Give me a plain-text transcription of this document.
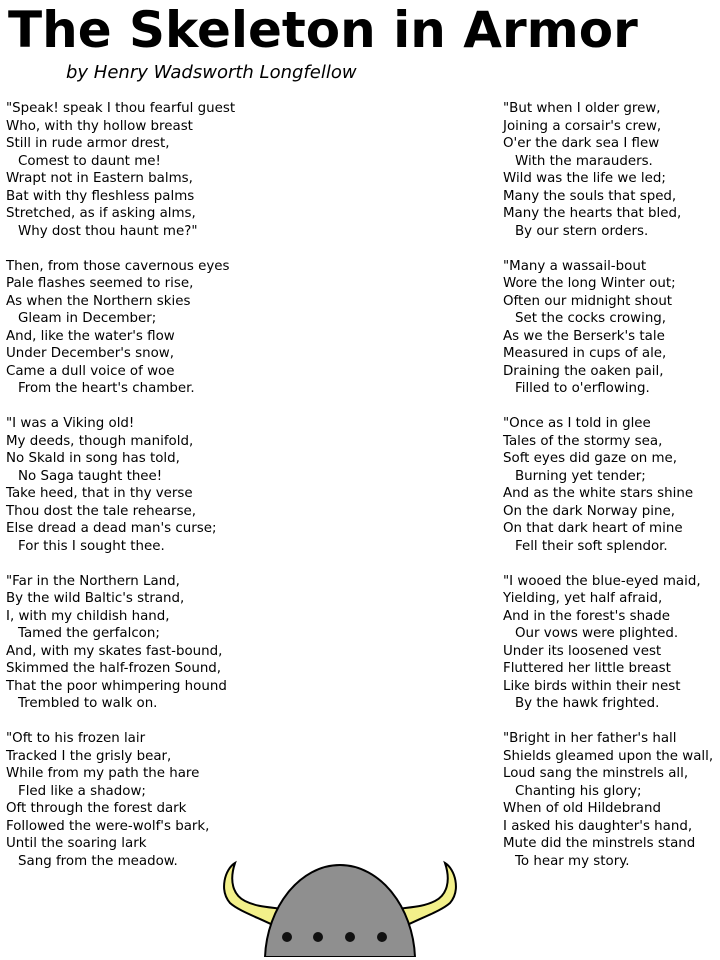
The Skeleton in Armor
by Henry Wadsworth Longfellow
"Speak! speak I thou fearful guest
Who, with thy hollow breast
Still in rude armor drest,
Comest to daunt me!
Wrapt not in Eastern balms,
Bat with thy fleshless palms
Stretched, as if asking alms,
Why dost thou haunt me?"
Then, from those cavernous eyes
Pale flashes seemed to rise,
As when the Northern skies
Gleam in December;
And, like the water's flow
Under December's snow,
Came a dull voice of woe
From the heart's chamber.
"I was a Viking old!
My deeds, though manifold,
No Skald in song has told,
No Saga taught thee!
Take heed, that in thy verse
Thou dost the tale rehearse,
Else dread a dead man's curse;
For this I sought thee.
"Far in the Northern Land,
By the wild Baltic's strand,
I, with my childish hand,
Tamed the gerfalcon;
And, with my skates fast-bound,
Skimmed the half-frozen Sound,
That the poor whimpering hound
Trembled to walk on.
"Oft to his frozen lair
Tracked I the grisly bear,
While from my path the hare
Fled like a shadow;
Oft through the forest dark
Followed the were-wolf's bark,
Until the soaring lark
Sang from the meadow.
"But when I older grew,
Joining a corsair's crew,
O'er the dark sea I flew
With the marauders.
Wild was the life we led;
Many the souls that sped,
Many the hearts that bled,
By our stern orders.
"Many a wassail-bout
Wore the long Winter out;
Often our midnight shout
Set the cocks crowing,
As we the Berserk's tale
Measured in cups of ale,
Draining the oaken pail,
Filled to o'erflowing.
"Once as I told in glee
Tales of the stormy sea,
Soft eyes did gaze on me,
Burning yet tender;
And as the white stars shine
On the dark Norway pine,
On that dark heart of mine
Fell their soft splendor.
"I wooed the blue-eyed maid,
Yielding, yet half afraid,
And in the forest's shade
Our vows were plighted.
Under its loosened vest
Fluttered her little breast
Like birds within their nest
By the hawk frighted.
"Bright in her father's hall
Shields gleamed upon the wall,
Loud sang the minstrels all,
Chanting his glory;
When of old Hildebrand
I asked his daughter's hand,
Mute did the minstrels stand
To hear my story.
